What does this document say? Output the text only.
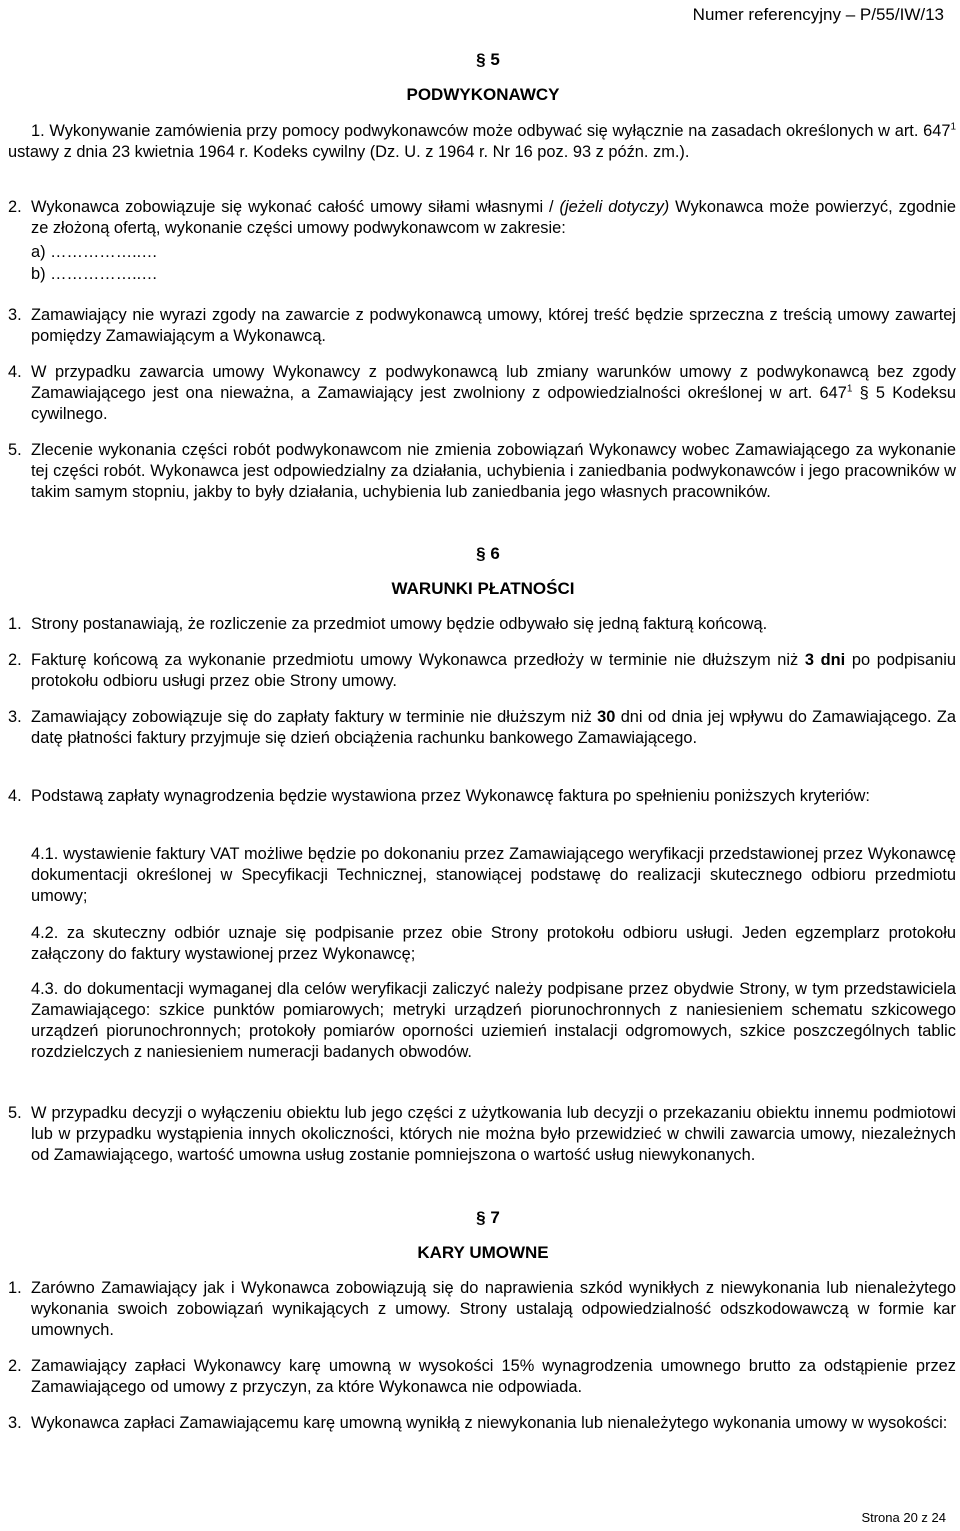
Numer referencyjny – P/55/IW/13
§ 5
PODWYKONAWCY
1. Wykonywanie zamówienia przy pomocy podwykonawców może odbywać się wyłącznie na zasadach określonych w art. $647^1$ ustawy z dnia 23 kwietnia 1964 r. Kodeks cywilny (Dz. U. z 1964 r. Nr 16 poz. 93 z późn. zm.).
2. Wykonawca zobowiązuje się wykonać całość umowy siłami własnymi / (jeżeli dotyczy) Wykonawca może powierzyć, zgodnie ze złożoną ofertą, wykonanie części umowy podwykonawcom w zakresie:
a) ……………..…
b) ……………..…
3. Zamawiający nie wyrazi zgody na zawarcie z podwykonawcą umowy, której treść będzie sprzeczna z treścią umowy zawartej pomiędzy Zamawiającym a Wykonawcą.
4. W przypadku zawarcia umowy Wykonawcy z podwykonawcą lub zmiany warunków umowy z podwykonawcą bez zgody Zamawiającego jest ona nieważna, a Zamawiający jest zwolniony z odpowiedzialności określonej w art. $647^1$ § 5 Kodeksu cywilnego.
5. Zlecenie wykonania części robót podwykonawcom nie zmienia zobowiązań Wykonawcy wobec Zamawiającego za wykonanie tej części robót. Wykonawca jest odpowiedzialny za działania, uchybienia i zaniedbania podwykonawców i jego pracowników w takim samym stopniu, jakby to były działania, uchybienia lub zaniedbania jego własnych pracowników.
§ 6
WARUNKI PŁATNOŚCI
1. Strony postanawiają, że rozliczenie za przedmiot umowy będzie odbywało się jedną fakturą końcową.
2. Fakturę końcową za wykonanie przedmiotu umowy Wykonawca przedłoży w terminie nie dłuższym niż 3 dni po podpisaniu protokołu odbioru usługi przez obie Strony umowy.
3. Zamawiający zobowiązuje się do zapłaty faktury w terminie nie dłuższym niż 30 dni od dnia jej wpływu do Zamawiającego. Za datę płatności faktury przyjmuje się dzień obciążenia rachunku bankowego Zamawiającego.
4. Podstawą zapłaty wynagrodzenia będzie wystawiona przez Wykonawcę faktura po spełnieniu poniższych kryteriów:
4.1. wystawienie faktury VAT możliwe będzie po dokonaniu przez Zamawiającego weryfikacji przedstawionej przez Wykonawcę dokumentacji określonej w Specyfikacji Technicznej, stanowiącej podstawę do realizacji skutecznego odbioru przedmiotu umowy;
4.2. za skuteczny odbiór uznaje się podpisanie przez obie Strony protokołu odbioru usługi. Jeden egzemplarz protokołu załączony do faktury wystawionej przez Wykonawcę;
4.3. do dokumentacji wymaganej dla celów weryfikacji zaliczyć należy podpisane przez obydwie Strony, w tym przedstawiciela Zamawiającego: szkice punktów pomiarowych; metryki urządzeń piorunochronnych z naniesieniem schematu szkicowego urządzeń piorunochronnych; protokoły pomiarów oporności uziemień instalacji odgromowych, szkice poszczególnych tablic rozdzielczych z naniesieniem numeracji badanych obwodów.
5. W przypadku decyzji o wyłączeniu obiektu lub jego części z użytkowania lub decyzji o przekazaniu obiektu innemu podmiotowi lub w przypadku wystąpienia innych okoliczności, których nie można było przewidzieć w chwili zawarcia umowy, niezależnych od Zamawiającego, wartość umowna usług zostanie pomniejszona o wartość usług niewykonanych.
§ 7
KARY UMOWNE
1. Zarówno Zamawiający jak i Wykonawca zobowiązują się do naprawienia szkód wynikłych z niewykonania lub nienależytego wykonania swoich zobowiązań wynikających z umowy. Strony ustalają odpowiedzialność odszkodowawczą w formie kar umownych.
2. Zamawiający zapłaci Wykonawcy karę umowną w wysokości 15% wynagrodzenia umownego brutto za odstąpienie przez Zamawiającego od umowy z przyczyn, za które Wykonawca nie odpowiada.
3. Wykonawca zapłaci Zamawiającemu karę umowną wynikłą z niewykonania lub nienależytego wykonania umowy w wysokości:
Strona 20 z 24
